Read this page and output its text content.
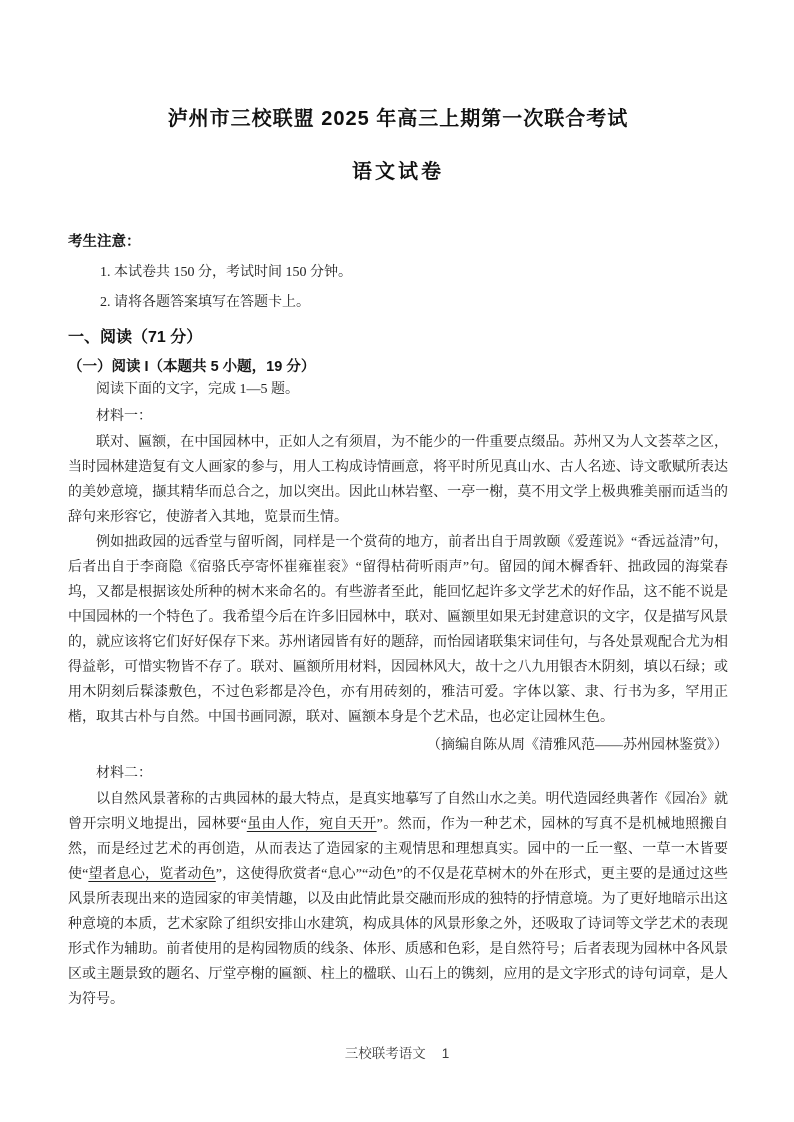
泸州市三校联盟 2025 年高三上期第一次联合考试
语文试卷
考生注意：
1. 本试卷共 150 分，考试时间 150 分钟。
2. 请将各题答案填写在答题卡上。
一、阅读（71 分）
（一）阅读 I（本题共 5 小题，19 分）
阅读下面的文字，完成 1—5 题。
材料一：
联对、匾额，在中国园林中，正如人之有须眉，为不能少的一件重要点缀品。苏州又为人文荟萃之区，当时园林建造复有文人画家的参与，用人工构成诗情画意，将平时所见真山水、古人名迹、诗文歌赋所表达的美妙意境，撷其精华而总合之，加以突出。因此山林岩壑、一亭一榭，莫不用文学上极典雅美丽而适当的辞句来形容它，使游者入其地，览景而生情。
例如拙政园的远香堂与留听阁，同样是一个赏荷的地方，前者出自于周敦颐《爱莲说》“香远益清”句，后者出自于李商隐《宿骆氏亭寄怀崔雍崔衮》“留得枯荷听雨声”句。留园的闻木樨香轩、拙政园的海棠春坞，又都是根据该处所种的树木来命名的。有些游者至此，能回忆起许多文学艺术的好作品，这不能不说是中国园林的一个特色了。我希望今后在许多旧园林中，联对、匾额里如果无封建意识的文字，仅是描写风景的，就应该将它们好好保存下来。苏州诸园皆有好的题辞，而怡园诸联集宋词佳句，与各处景观配合尤为相得益彰，可惜实物皆不存了。联对、匾额所用材料，因园林风大，故十之八九用银杏木阴刻，填以石绿；或用木阴刻后髹漆敷色，不过色彩都是冷色，亦有用砖刻的，雅洁可爱。字体以篆、隶、行书为多，罕用正楷，取其古朴与自然。中国书画同源，联对、匾额本身是个艺术品，也必定让园林生色。
（摘编自陈从周《清雅风范——苏州园林鉴赏》）
材料二：
以自然风景著称的古典园林的最大特点，是真实地摹写了自然山水之美。明代造园经典著作《园冶》就曾开宗明义地提出，园林要“虽由人作，宛自天开”。然而，作为一种艺术，园林的写真不是机械地照搬自然，而是经过艺术的再创造，从而表达了造园家的主观情思和理想真实。园中的一丘一壑、一草一木皆要使“望者息心，览者动色”，这使得欣赏者“息心”“动色”的不仅是花草树木的外在形式，更主要的是通过这些风景所表现出来的造园家的审美情趣，以及由此情此景交融而形成的独特的抒情意境。为了更好地暗示出这种意境的本质，艺术家除了组织安排山水建筑，构成具体的风景形象之外，还吸取了诗词等文学艺术的表现形式作为辅助。前者使用的是构园物质的线条、体形、质感和色彩，是自然符号；后者表现为园林中各风景区或主题景致的题名、厅堂亭榭的匾额、柱上的楹联、山石上的镌刻，应用的是文字形式的诗句词章，是人为符号。
三校联考语文 1
